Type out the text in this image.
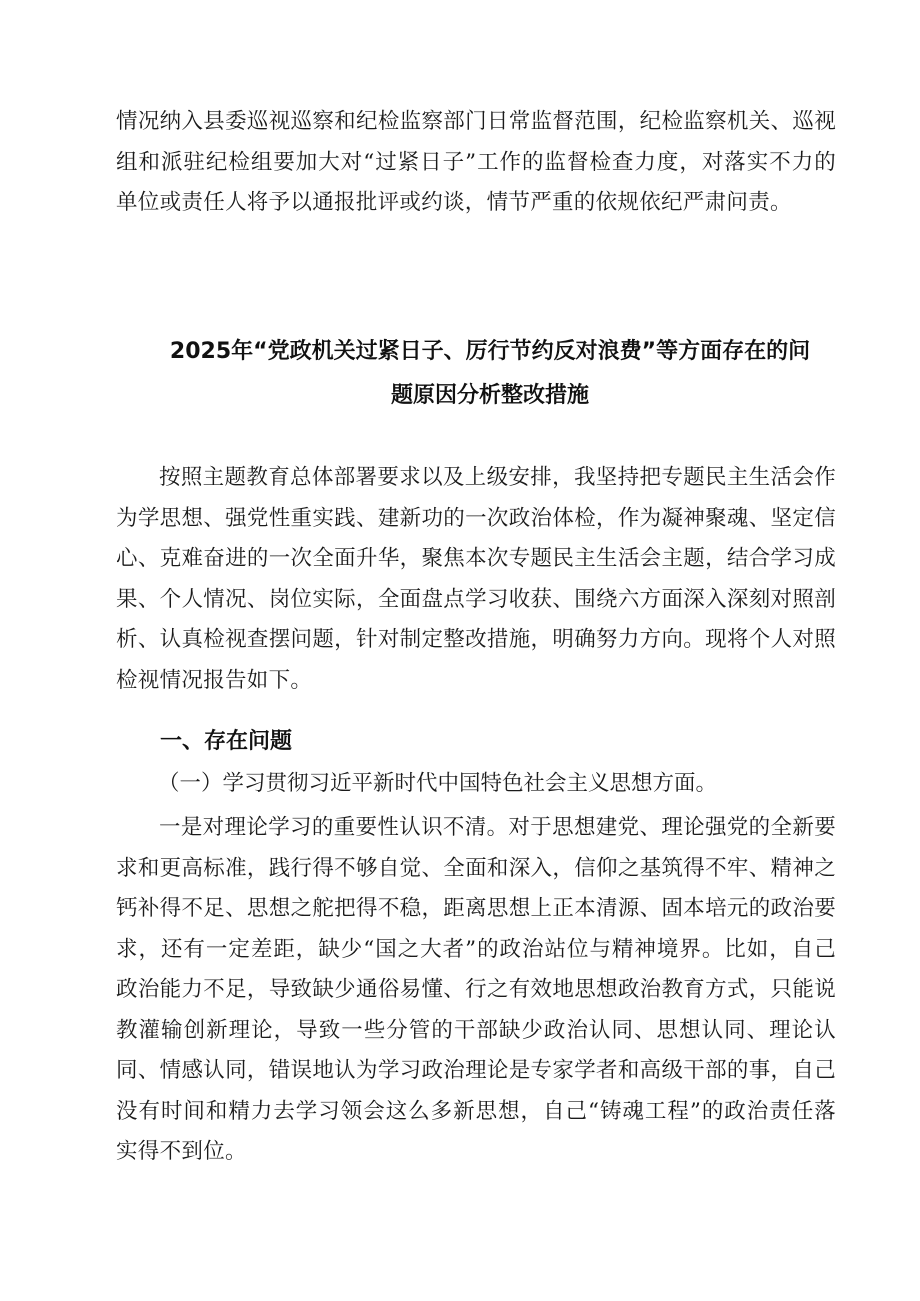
情况纳入县委巡视巡察和纪检监察部门日常监督范围，纪检监察机关、巡视组和派驻纪检组要加大对“过紧日子”工作的监督检查力度，对落实不力的单位或责任人将予以通报批评或约谈，情节严重的依规依纪严肃问责。

2025年“党政机关过紧日子、厉行节约反对浪费”等方面存在的问
题原因分析整改措施

按照主题教育总体部署要求以及上级安排，我坚持把专题民主生活会作为学思想、强党性重实践、建新功的一次政治体检，作为凝神聚魂、坚定信心、克难奋进的一次全面升华，聚焦本次专题民主生活会主题，结合学习成果、个人情况、岗位实际，全面盘点学习收获、围绕六方面深入深刻对照剖析、认真检视查摆问题，针对制定整改措施，明确努力方向。现将个人对照检视情况报告如下。

一、存在问题

（一）学习贯彻习近平新时代中国特色社会主义思想方面。

一是对理论学习的重要性认识不清。对于思想建党、理论强党的全新要求和更高标准，践行得不够自觉、全面和深入，信仰之基筑得不牢、精神之钙补得不足、思想之舵把得不稳，距离思想上正本清源、固本培元的政治要求，还有一定差距，缺少“国之大者”的政治站位与精神境界。比如，自己政治能力不足，导致缺少通俗易懂、行之有效地思想政治教育方式，只能说教灌输创新理论，导致一些分管的干部缺少政治认同、思想认同、理论认同、情感认同，错误地认为学习政治理论是专家学者和高级干部的事，自己没有时间和精力去学习领会这么多新思想，自己“铸魂工程”的政治责任落实得不到位。
